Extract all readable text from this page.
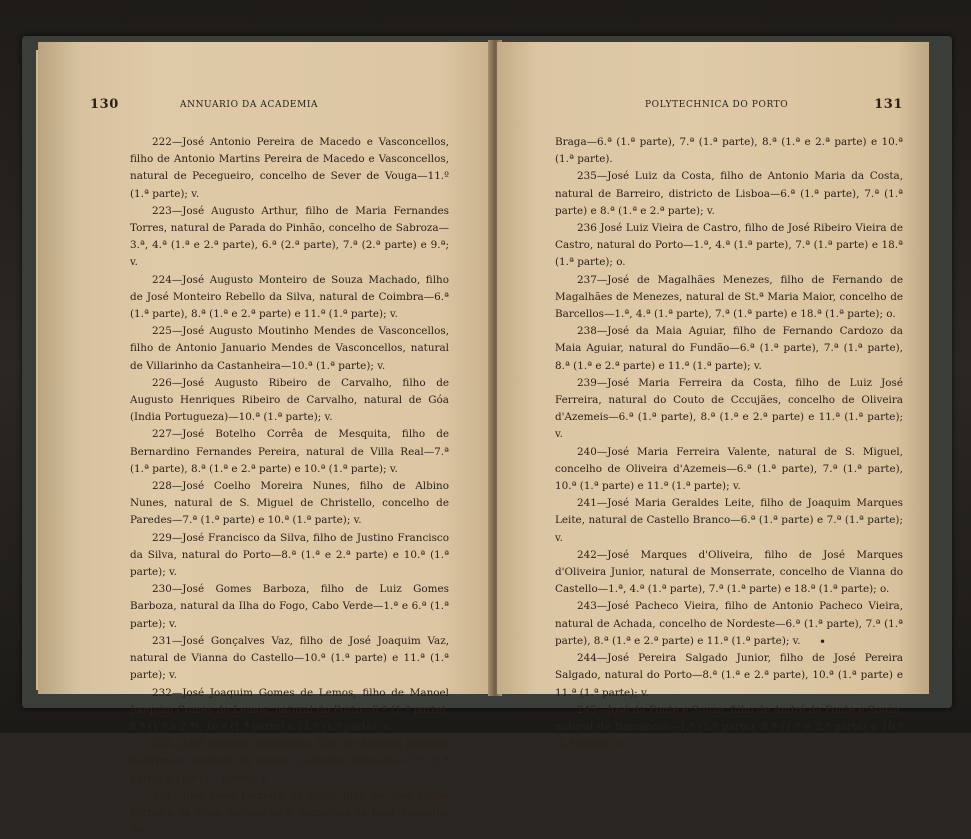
130	ANNUARIO DA ACADEMIA

222—José Antonio Pereira de Macedo e Vasconcellos, filho de Antonio Martins Pereira de Macedo e Vasconcellos, natural de Pecegueiro, concelho de Sever de Vouga—11.º (1.ª parte); v.

223—José Augusto Arthur, filho de Maria Fernandes Torres, natural de Parada do Pinhão, concelho de Sabroza—3.ª, 4.ª (1.ª e 2.ª parte), 6.ª (2.ª parte), 7.ª (2.ª parte) e 9.ª; v.

224—José Augusto Monteiro de Souza Machado, filho de José Monteiro Rebello da Silva, natural de Coimbra—6.ª (1.ª parte), 8.ª (1.ª e 2.ª parte) e 11.ª (1.ª parte); v.

225—José Augusto Moutinho Mendes de Vasconcellos, filho de Antonio Januario Mendes de Vasconcellos, natural de Villarinho da Castanheira—10.ª (1.ª parte); v.

226—José Augusto Ribeiro de Carvalho, filho de Augusto Henriques Ribeiro de Carvalho, natural de Góa (India Portugueza)—10.ª (1.ª parte); v.

227—José Botelho Corrêa de Mesquita, filho de Bernardino Fernandes Pereira, natural de Villa Real—7.ª (1.ª parte), 8.ª (1.ª e 2.ª parte) e 10.ª (1.ª parte); v.

228—José Coelho Moreira Nunes, filho de Albino Nunes, natural de S. Miguel de Christello, concelho de Paredes—7.ª (1.ª parte) e 10.ª (1.ª parte); v.

229—José Francisco da Silva, filho de Justino Francisco da Silva, natural do Porto—8.ª (1.ª e 2.ª parte) e 10.ª (1.ª parte); v.

230—José Gomes Barboza, filho de Luiz Gomes Barboza, natural da Ilha do Fogo, Cabo Verde—1.ª e 6.ª (1.ª parte); v.

231—José Gonçalves Vaz, filho de José Joaquim Vaz, natural de Vianna do Castello—10.ª (1.ª parte) e 11.ª (1.ª parte); v.

232—José Joaquim Gomes de Lemos, filho de Manoel Joaquim Gomes de Lemos, natural do Porto—6.ª (1.ª parte), 8.ª (1.ª e 2.ª), 10.ª (1.ª parte) e 11.ª (1.ª parte); v.

233—José Joaquim Rodrigues, filho de Antonio Joaquim Rodrigues, natural de Ancas, concelho d'Anadia—7.ª (1.ª parte) e 10.ª (1.ª parte); v.

234—José Leão Ferreira da Silva, filho de José Maria Ferreira da Silva, natural de S. Jeronymo de Real, concelho de

POLYTECHNICA DO PORTO	131

Braga—6.ª (1.ª parte), 7.ª (1.ª parte), 8.ª (1.ª e 2.ª parte) e 10.ª (1.ª parte).

235—José Luiz da Costa, filho de Antonio Maria da Costa, natural de Barreiro, districto de Lisboa—6.ª (1.ª parte), 7.ª (1.ª parte) e 8.ª (1.ª e 2.ª parte); v.

236 José Luiz Vieira de Castro, filho de José Ribeiro Vieira de Castro, natural do Porto—1.ª, 4.ª (1.ª parte), 7.ª (1.ª parte) e 18.ª (1.ª parte); o.

237—José de Magalhães Menezes, filho de Fernando de Magalhães de Menezes, natural de St.ª Maria Maior, concelho de Barcellos—1.ª, 4.ª (1.ª parte), 7.ª (1.ª parte) e 18.ª (1.ª parte); o.

238—José da Maia Aguiar, filho de Fernando Cardozo da Maia Aguiar, natural do Fundão—6.ª (1.ª parte), 7.ª (1.ª parte), 8.ª (1.ª e 2.ª parte) e 11.ª (1.ª parte); v.

239—José Maria Ferreira da Costa, filho de Luiz José Ferreira, natural do Couto de Cccujães, concelho de Oliveira d'Azemeis—6.ª (1.ª parte), 8.ª (1.ª e 2.ª parte) e 11.ª (1.ª parte); v.

240—José Maria Ferreira Valente, natural de S. Miguel, concelho de Oliveira d'Azemeis—6.ª (1.ª parte), 7.ª (1.ª parte), 10.ª (1.ª parte) e 11.ª (1.ª parte); v.

241—José Maria Geraldes Leite, filho de Joaquim Marques Leite, natural de Castello Branco—6.ª (1.ª parte) e 7.ª (1.ª parte); v.

242—José Marques d'Oliveira, filho de José Marques d'Oliveira Junior, natural de Monserrate, concelho de Vianna do Castello—1.ª, 4.ª (1.ª parte), 7.ª (1.ª parte) e 18.ª (1.ª parte); o.

243—José Pacheco Vieira, filho de Antonio Pacheco Vieira, natural de Achada, concelho de Nordeste—6.ª (1.ª parte), 7.ª (1.ª parte), 8.ª (1.ª e 2.ª parte) e 11.ª (1.ª parte); v.

244—José Pereira Salgado Junior, filho de José Pereira Salgado, natural do Porto—8.ª (1.ª e 2.ª parte), 10.ª (1.ª parte) e 11.ª (1.ª parte); v.

245—José da Ponte e Souza, filho de André da Ponte e Souza, natural de Barrancos—1.ª (1.ª parte), 8.ª (1.ª e 2.ª parte) e 10.ª (1.ª parte); v.

•
